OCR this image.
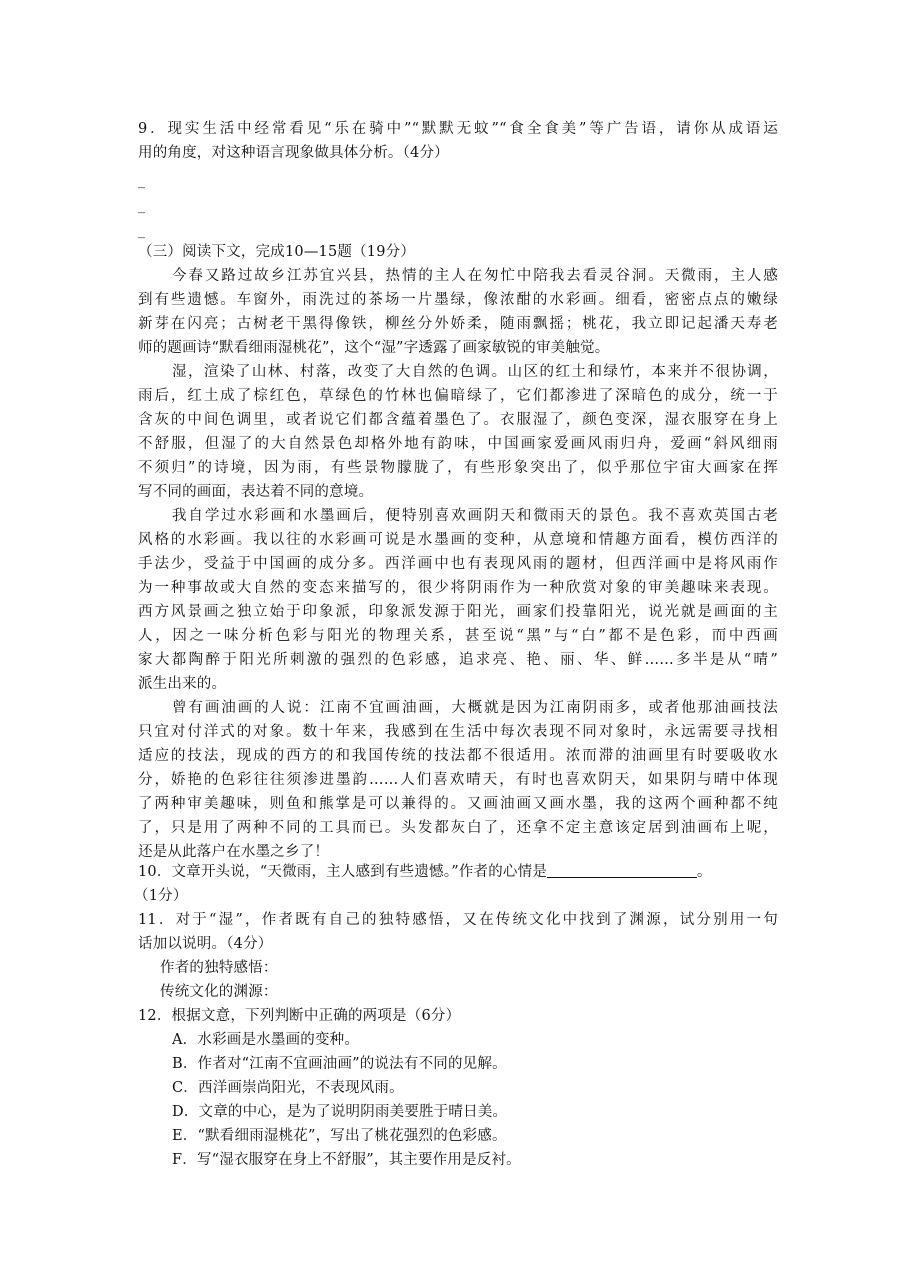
9．现实生活中经常看见“乐在骑中”“默默无蚊”“食全食美”等广告语，请你从成语运
用的角度，对这种语言现象做具体分析。（4分）
_
_
_
（三）阅读下文，完成10—15题（19分）
今春又路过故乡江苏宜兴县，热情的主人在匆忙中陪我去看灵谷洞。天微雨，主人感
到有些遗憾。车窗外，雨洗过的茶场一片墨绿，像浓酣的水彩画。细看，密密点点的嫩绿
新芽在闪亮；古树老干黑得像铁，柳丝分外娇柔，随雨飘摇；桃花，我立即记起潘天寿老
师的题画诗“默看细雨湿桃花”，这个“湿”字透露了画家敏锐的审美触觉。
湿，渲染了山林、村落，改变了大自然的色调。山区的红土和绿竹，本来并不很协调，
雨后，红土成了棕红色，草绿色的竹林也偏暗绿了，它们都渗进了深暗色的成分，统一于
含灰的中间色调里，或者说它们都含蕴着墨色了。衣服湿了，颜色变深，湿衣服穿在身上
不舒服，但湿了的大自然景色却格外地有韵味，中国画家爱画风雨归舟，爱画“斜风细雨
不须归”的诗境，因为雨，有些景物朦胧了，有些形象突出了，似乎那位宇宙大画家在挥
写不同的画面，表达着不同的意境。
我自学过水彩画和水墨画后，便特别喜欢画阴天和微雨天的景色。我不喜欢英国古老
风格的水彩画。我以往的水彩画可说是水墨画的变种，从意境和情趣方面看，模仿西洋的
手法少，受益于中国画的成分多。西洋画中也有表现风雨的题材，但西洋画中是将风雨作
为一种事故或大自然的变态来描写的，很少将阴雨作为一种欣赏对象的审美趣味来表现。
西方风景画之独立始于印象派，印象派发源于阳光，画家们投靠阳光，说光就是画面的主
人，因之一味分析色彩与阳光的物理关系，甚至说“黑”与“白”都不是色彩，而中西画
家大都陶醉于阳光所刺激的强烈的色彩感，追求亮、艳、丽、华、鲜……多半是从“晴”
派生出来的。
曾有画油画的人说：江南不宜画油画，大概就是因为江南阴雨多，或者他那油画技法
只宜对付洋式的对象。数十年来，我感到在生活中每次表现不同对象时，永远需要寻找相
适应的技法，现成的西方的和我国传统的技法都不很适用。浓而滞的油画里有时要吸收水
分，娇艳的色彩往往须渗进墨韵……人们喜欢晴天，有时也喜欢阴天，如果阴与晴中体现
了两种审美趣味，则鱼和熊掌是可以兼得的。又画油画又画水墨，我的这两个画种都不纯
了，只是用了两种不同的工具而已。头发都灰白了，还拿不定主意该定居到油画布上呢，
还是从此落户在水墨之乡了！
10．文章开头说，“天微雨，主人感到有些遗憾。”作者的心情是	。
（1分）
11．对于“湿”，作者既有自己的独特感悟，又在传统文化中找到了渊源，试分别用一句
话加以说明。（4分）
作者的独特感悟：
传统文化的渊源：
12．根据文意，下列判断中正确的两项是（6分）
A．水彩画是水墨画的变种。
B．作者对“江南不宜画油画”的说法有不同的见解。
C．西洋画崇尚阳光，不表现风雨。
D．文章的中心，是为了说明阴雨美要胜于晴日美。
E．“默看细雨湿桃花”，写出了桃花强烈的色彩感。
F．写“湿衣服穿在身上不舒服”，其主要作用是反衬。
